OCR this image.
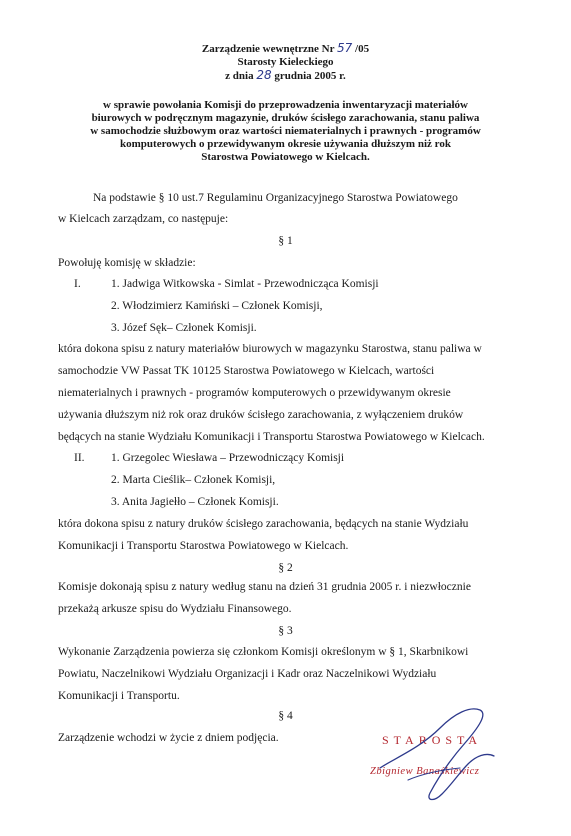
Zarządzenie wewnętrzne Nr 57 /05
Starosty Kieleckiego
z dnia 28 grudnia 2005 r.
w sprawie powołania Komisji do przeprowadzenia inwentaryzacji materiałów
biurowych w podręcznym magazynie, druków ścisłego zarachowania, stanu paliwa
w samochodzie służbowym oraz wartości niematerialnych i prawnych - programów
komputerowych o przewidywanym okresie używania dłuższym niż rok
Starostwa Powiatowego w Kielcach.
Na podstawie § 10 ust.7 Regulaminu Organizacyjnego Starostwa Powiatowego
w Kielcach zarządzam, co następuje:
§ 1
Powołuję komisję w składzie:
I.	1. Jadwiga Witkowska - Simlat - Przewodnicząca Komisji
2. Włodzimierz Kamiński – Członek Komisji,
3. Józef Sęk– Członek Komisji.
która dokona spisu z natury materiałów biurowych w magazynku Starostwa, stanu paliwa w
samochodzie VW Passat TK 10125 Starostwa Powiatowego w Kielcach, wartości
niematerialnych i prawnych - programów komputerowych o przewidywanym okresie
używania dłuższym niż rok oraz druków ścisłego zarachowania, z wyłączeniem druków
będących na stanie Wydziału Komunikacji i Transportu Starostwa Powiatowego w Kielcach.
II. 1. Grzegolec Wiesława – Przewodniczący Komisji
2. Marta Cieślik– Członek Komisji,
3. Anita Jagiełło – Członek Komisji.
która dokona spisu z natury druków ścisłego zarachowania, będących na stanie Wydziału
Komunikacji i Transportu Starostwa Powiatowego w Kielcach.
§ 2
Komisje dokonają spisu z natury według stanu na dzień 31 grudnia 2005 r. i niezwłocznie
przekażą arkusze spisu do Wydziału Finansowego.
§ 3
Wykonanie Zarządzenia powierza się członkom Komisji określonym w § 1, Skarbnikowi
Powiatu, Naczelnikowi Wydziału Organizacji i Kadr oraz Naczelnikowi Wydziału
Komunikacji i Transportu.
§ 4
Zarządzenie wchodzi w życie z dniem podjęcia.	STAROSTA
Zbigniew Banaśkiewicz
